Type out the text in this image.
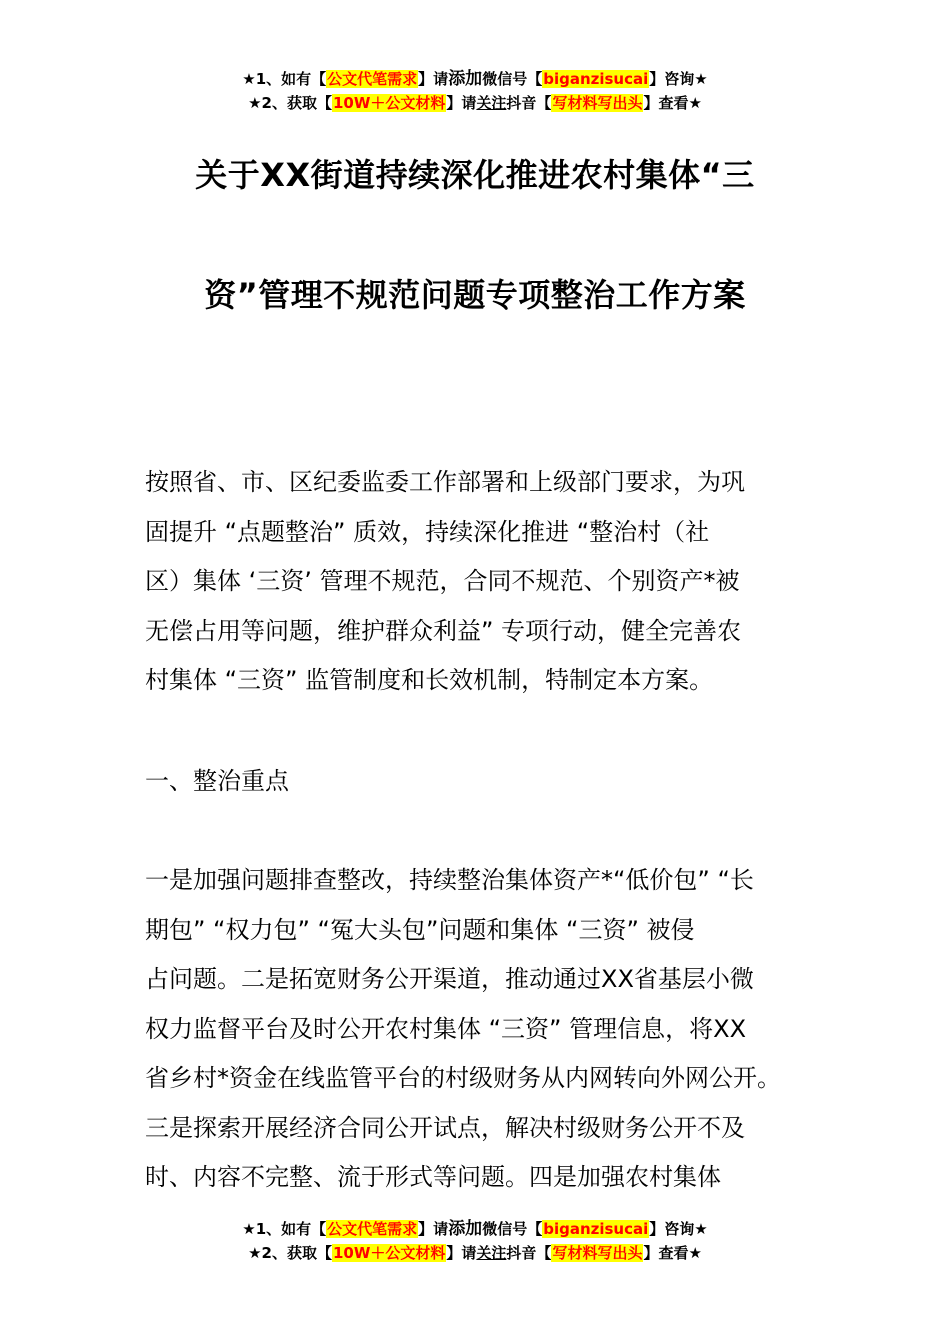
★1、如有【公文代笔需求】请添加微信号【biganzisucai】咨询★
★2、获取【10W＋公文材料】请关注抖音【写材料写出头】查看★
关于XX街道持续深化推进农村集体“三
资”管理不规范问题专项整治工作方案

按照省、市、区纪委监委工作部署和上级部门要求，为巩

固提升 “点题整治” 质效，持续深化推进 “整治村（社

区）集体 ‘三资’ 管理不规范，合同不规范、个别资产*被

无偿占用等问题，维护群众利益” 专项行动，健全完善农

村集体 “三资” 监管制度和长效机制，特制定本方案。

一、整治重点

一是加强问题排查整改，持续整治集体资产*“低价包” “长

期包” “权力包” “冤大头包”问题和集体 “三资” 被侵

占问题。二是拓宽财务公开渠道，推动通过XX省基层小微

权力监督平台及时公开农村集体 “三资” 管理信息，将XX

省乡村*资金在线监管平台的村级财务从内网转向外网公开。

三是探索开展经济合同公开试点，解决村级财务公开不及

时、内容不完整、流于形式等问题。四是加强农村集体

★1、如有【公文代笔需求】请添加微信号【biganzisucai】咨询★
★2、获取【10W＋公文材料】请关注抖音【写材料写出头】查看★
